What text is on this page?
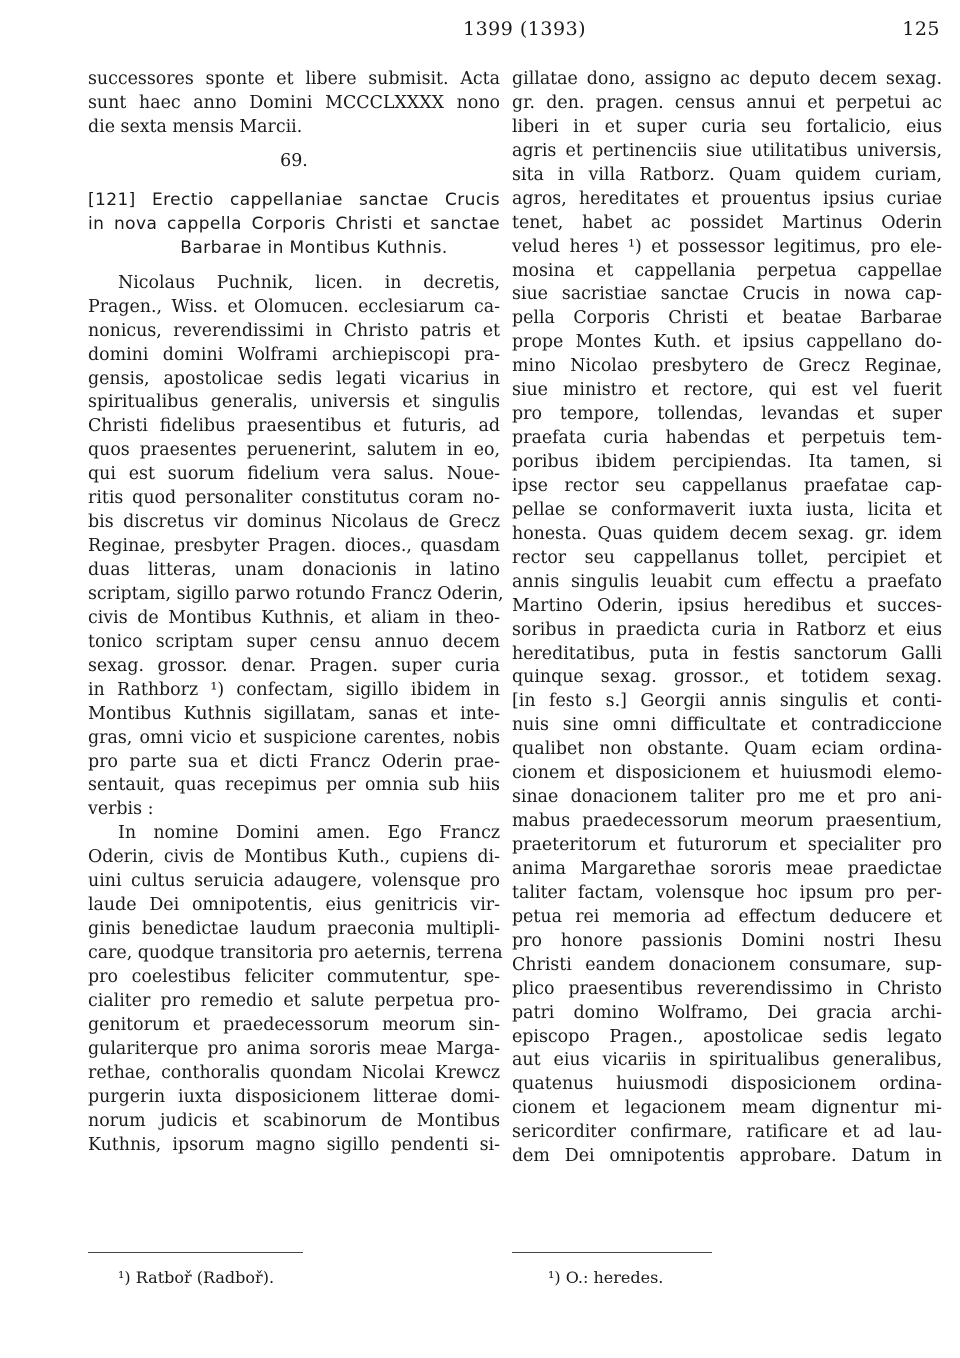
1399 (1393)	125
successores sponte et libere submisit. Acta
sunt haec anno Domini MCCCLXXXX nono
die sexta mensis Marcii.
69.
[121] Erectio cappellaniae sanctae Crucis
in nova cappella Corporis Christi et sanctae
Barbarae in Montibus Kuthnis.
Nicolaus Puchnik, licen. in decretis,
Pragen., Wiss. et Olomucen. ecclesiarum ca-
nonicus, reverendissimi in Christo patris et
domini domini Wolframi archiepiscopi pra-
gensis, apostolicae sedis legati vicarius in
spiritualibus generalis, universis et singulis
Christi fidelibus praesentibus et futuris, ad
quos praesentes peruenerint, salutem in eo,
qui est suorum fidelium vera salus. Noue-
ritis quod personaliter constitutus coram no-
bis discretus vir dominus Nicolaus de Grecz
Reginae, presbyter Pragen. dioces., quasdam
duas litteras, unam donacionis in latino
scriptam, sigillo parwo rotundo Francz Oderin,
civis de Montibus Kuthnis, et aliam in theo-
tonico scriptam super censu annuo decem
sexag. grossor. denar. Pragen. super curia
in Rathborz ¹) confectam, sigillo ibidem in
Montibus Kuthnis sigillatam, sanas et inte-
gras, omni vicio et suspicione carentes, nobis
pro parte sua et dicti Francz Oderin prae-
sentauit, quas recepimus per omnia sub hiis
verbis :
In nomine Domini amen. Ego Francz
Oderin, civis de Montibus Kuth., cupiens di-
uini cultus seruicia adaugere, volensque pro
laude Dei omnipotentis, eius genitricis vir-
ginis benedictae laudum praeconia multipli-
care, quodque transitoria pro aeternis, terrena
pro coelestibus feliciter commutentur, spe-
cialiter pro remedio et salute perpetua pro-
genitorum et praedecessorum meorum sin-
gulariterque pro anima sororis meae Marga-
rethae, conthoralis quondam Nicolai Krewcz
purgerin iuxta disposicionem litterae domi-
norum judicis et scabinorum de Montibus
Kuthnis, ipsorum magno sigillo pendenti si-
gillatae dono, assigno ac deputo decem sexag.
gr. den. pragen. census annui et perpetui ac
liberi in et super curia seu fortalicio, eius
agris et pertinenciis siue utilitatibus universis,
sita in villa Ratborz. Quam quidem curiam,
agros, hereditates et prouentus ipsius curiae
tenet, habet ac possidet Martinus Oderin
velud heres ¹) et possessor legitimus, pro ele-
mosina et cappellania perpetua cappellae
siue sacristiae sanctae Crucis in nowa cap-
pella Corporis Christi et beatae Barbarae
prope Montes Kuth. et ipsius cappellano do-
mino Nicolao presbytero de Grecz Reginae,
siue ministro et rectore, qui est vel fuerit
pro tempore, tollendas, levandas et super
praefata curia habendas et perpetuis tem-
poribus ibidem percipiendas. Ita tamen, si
ipse rector seu cappellanus praefatae cap-
pellae se conformaverit iuxta iusta, licita et
honesta. Quas quidem decem sexag. gr. idem
rector seu cappellanus tollet, percipiet et
annis singulis leuabit cum effectu a praefato
Martino Oderin, ipsius heredibus et succes-
soribus in praedicta curia in Ratborz et eius
hereditatibus, puta in festis sanctorum Galli
quinque sexag. grossor., et totidem sexag.
[in festo s.] Georgii annis singulis et conti-
nuis sine omni difficultate et contradiccione
qualibet non obstante. Quam eciam ordina-
cionem et disposicionem et huiusmodi elemo-
sinae donacionem taliter pro me et pro ani-
mabus praedecessorum meorum praesentium,
praeteritorum et futurorum et specialiter pro
anima Margarethae sororis meae praedictae
taliter factam, volensque hoc ipsum pro per-
petua rei memoria ad effectum deducere et
pro honore passionis Domini nostri Ihesu
Christi eandem donacionem consumare, sup-
plico praesentibus reverendissimo in Christo
patri domino Wolframo, Dei gracia archi-
episcopo Pragen., apostolicae sedis legato
aut eius vicariis in spiritualibus generalibus,
quatenus huiusmodi disposicionem ordina-
cionem et legacionem meam dignentur mi-
sericorditer confirmare, ratificare et ad lau-
dem Dei omnipotentis approbare. Datum in
¹) Ratboř (Radboř).	¹) O.: heredes.
